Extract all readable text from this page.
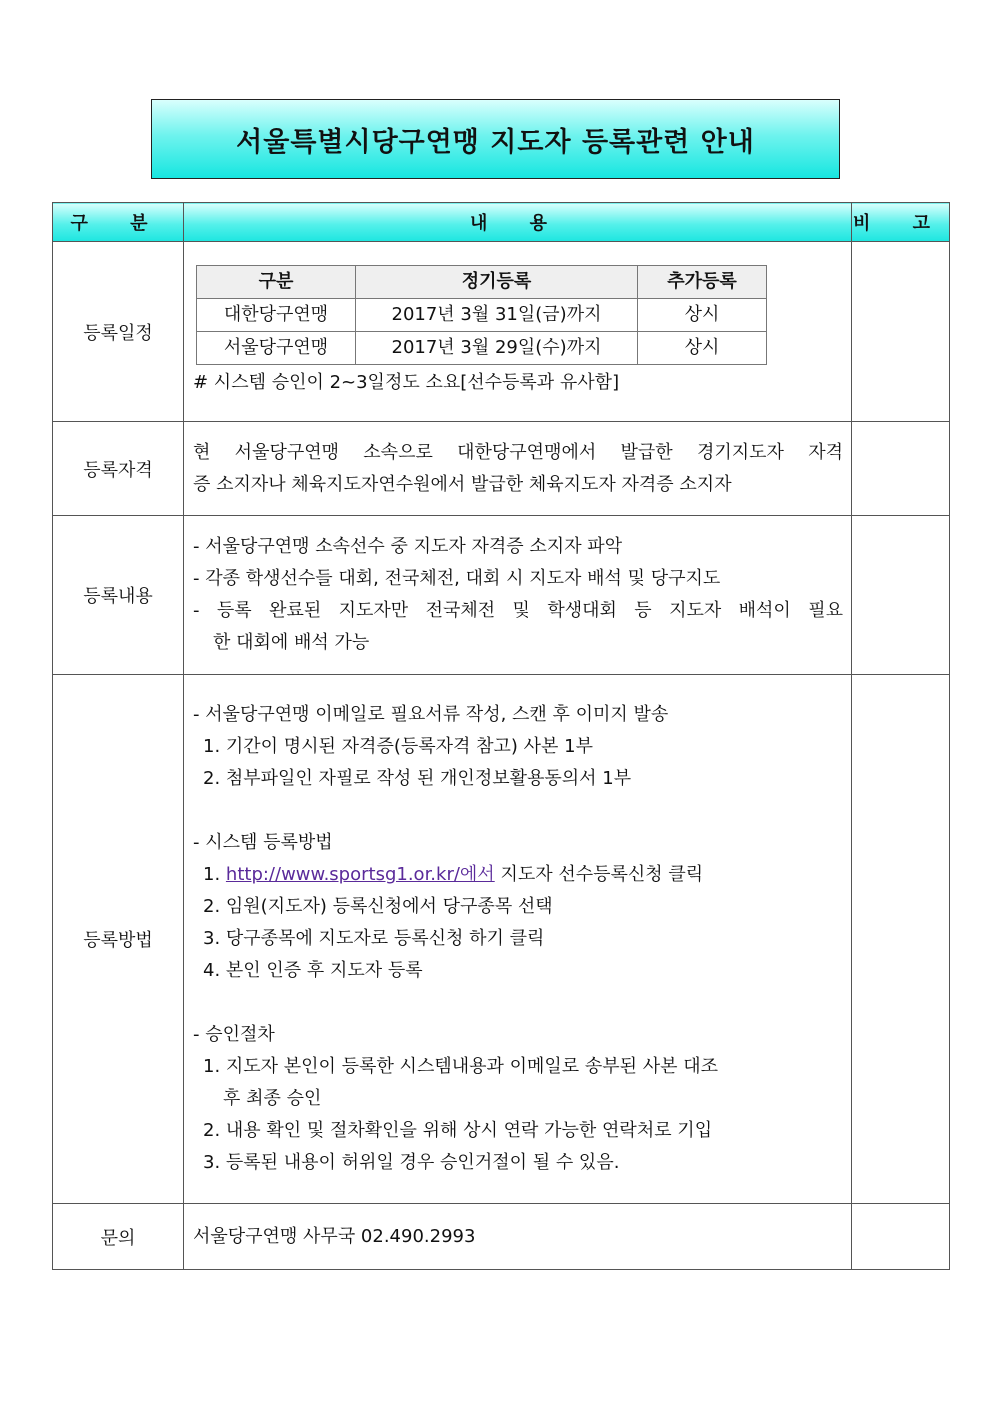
서울특별시당구연맹 지도자 등록관련 안내
구 분	내 용	비 고
등록일정	
구분	정기등록	추가등록
대한당구연맹	2017년 3월 31일(금)까지	상시
서울당구연맹	2017년 3월 29일(수)까지	상시
# 시스템 승인이 2~3일정도 소요[선수등록과 유사함]

등록자격	
현 서울당구연맹 소속으로 대한당구연맹에서 발급한 경기지도자 자격
증 소지자나 체육지도자연수원에서 발급한 체육지도자 자격증 소지자

등록내용	
- 서울당구연맹 소속선수 중 지도자 자격증 소지자 파악
- 각종 학생선수들 대회, 전국체전, 대회 시 지도자 배석 및 당구지도
- 등록 완료된 지도자만 전국체전 및 학생대회 등 지도자 배석이 필요
한 대회에 배석 가능

등록방법	
- 서울당구연맹 이메일로 필요서류 작성, 스캔 후 이미지 발송
1. 기간이 명시된 자격증(등록자격 참고) 사본 1부
2. 첨부파일인 자필로 작성 된 개인정보활용동의서 1부
- 시스템 등록방법
1. http://www.sportsg1.or.kr/에서 지도자 선수등록신청 클릭
2. 임원(지도자) 등록신청에서 당구종목 선택
3. 당구종목에 지도자로 등록신청 하기 클릭
4. 본인 인증 후 지도자 등록
- 승인절차
1. 지도자 본인이 등록한 시스템내용과 이메일로 송부된 사본 대조
후 최종 승인
2. 내용 확인 및 절차확인을 위해 상시 연락 가능한 연락처로 기입
3. 등록된 내용이 허위일 경우 승인거절이 될 수 있음.

문의	서울당구연맹 사무국 02.490.2993	
